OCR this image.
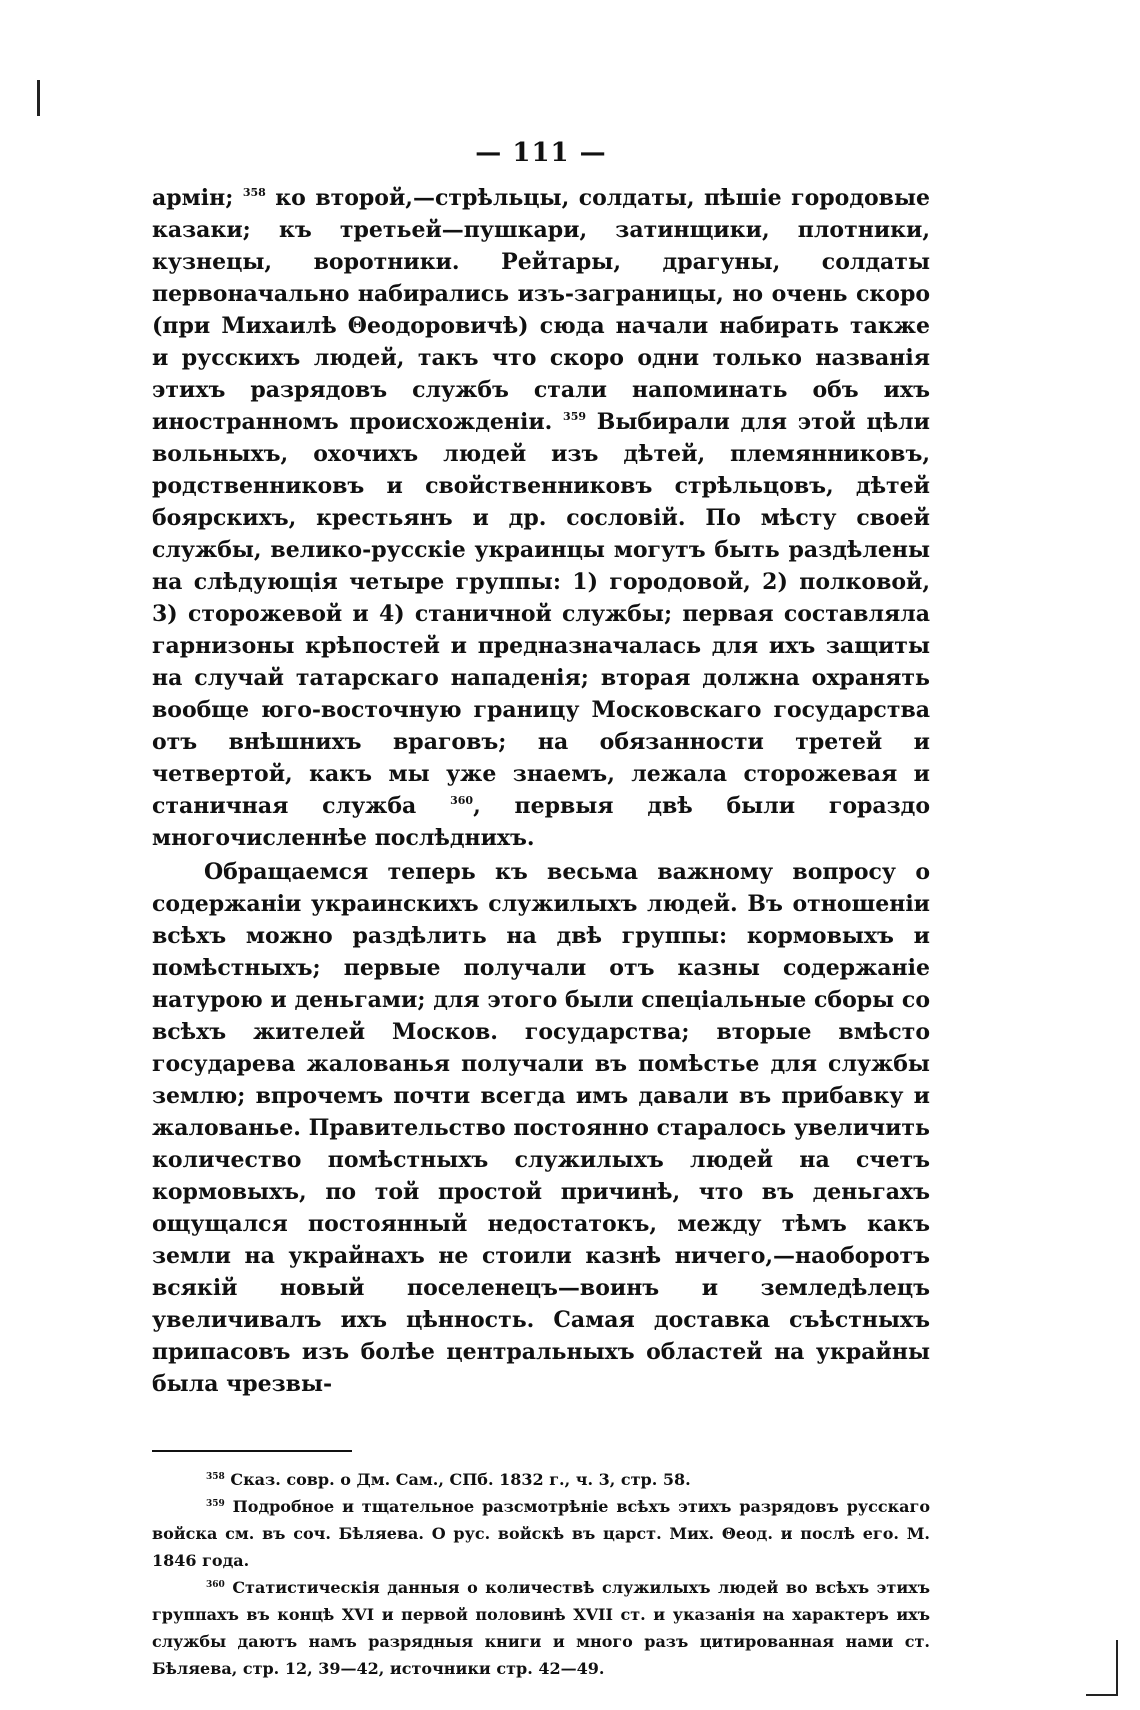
— 111 —

армін; $^{358}$ ко второй,—стрѣльцы, солдаты, пѣшіе городовые казаки; къ третьей—пушкари, затинщики, плотники, кузнецы, воротники. Рейтары, драгуны, солдаты первоначально набирались изъ-заграницы, но очень скоро (при Михаилѣ Θеодоровичѣ) сюда начали набирать также и русскихъ людей, такъ что скоро одни только названія этихъ разрядовъ службъ стали напоминать объ ихъ иностранномъ происхожденіи. $^{359}$ Выбирали для этой цѣли вольныхъ, охочихъ людей изъ дѣтей, племянниковъ, родственниковъ и свойственниковъ стрѣльцовъ, дѣтей боярскихъ, крестьянъ и др. сословій. По мѣсту своей службы, велико-русскіе украинцы могутъ быть раздѣлены на слѣдующія четыре группы: 1) городовой, 2) полковой, 3) сторожевой и 4) станичной службы; первая составляла гарнизоны крѣпостей и предназначалась для ихъ защиты на случай татарскаго нападенія; вторая должна охранять вообще юго-восточную границу Московскаго государства отъ внѣшнихъ враговъ; на обязанности третей и четвертой, какъ мы уже знаемъ, лежала сторожевая и станичная служба $^{360}$, первыя двѣ были гораздо многочисленнѣе послѣднихъ.

Обращаемся теперь къ весьма важному вопросу о содержаніи украинскихъ служилыхъ людей. Въ отношеніи всѣхъ можно раздѣлить на двѣ группы: кормовыхъ и помѣстныхъ; первые получали отъ казны содержаніе натурою и деньгами; для этого были спеціальные сборы со всѣхъ жителей Москов. государства; вторые вмѣсто государева жалованья получали въ помѣстье для службы землю; впрочемъ почти всегда имъ давали въ прибавку и жалованье. Правительство постоянно старалось увеличить количество помѣстныхъ служилыхъ людей на счетъ кормовыхъ, по той простой причинѣ, что въ деньгахъ ощущался постоянный недостатокъ, между тѣмъ какъ земли на украйнахъ не стоили казнѣ ничего,—наоборотъ всякій новый поселенецъ—воинъ и земледѣлецъ увеличивалъ ихъ цѣнность. Самая доставка съѣстныхъ припасовъ изъ болѣе центральныхъ областей на украйны была чрезвы-

$^{358}$ Сказ. совр. о Дм. Сам., СПб. 1832 г., ч. 3, стр. 58.

$^{359}$ Подробное и тщательное разсмотрѣніе всѣхъ этихъ разрядовъ русскаго войска см. въ соч. Бѣляева. О рус. войскѣ въ царст. Мих. Θеод. и послѣ его. М. 1846 года.

$^{360}$ Статистическія данныя о количествѣ служилыхъ людей во всѣхъ этихъ группахъ въ концѣ XVI и первой половинѣ XVII ст. и указанія на характеръ ихъ службы даютъ намъ разрядныя книги и много разъ цитированная нами ст. Бѣляева, стр. 12, 39—42, источники стр. 42—49.
